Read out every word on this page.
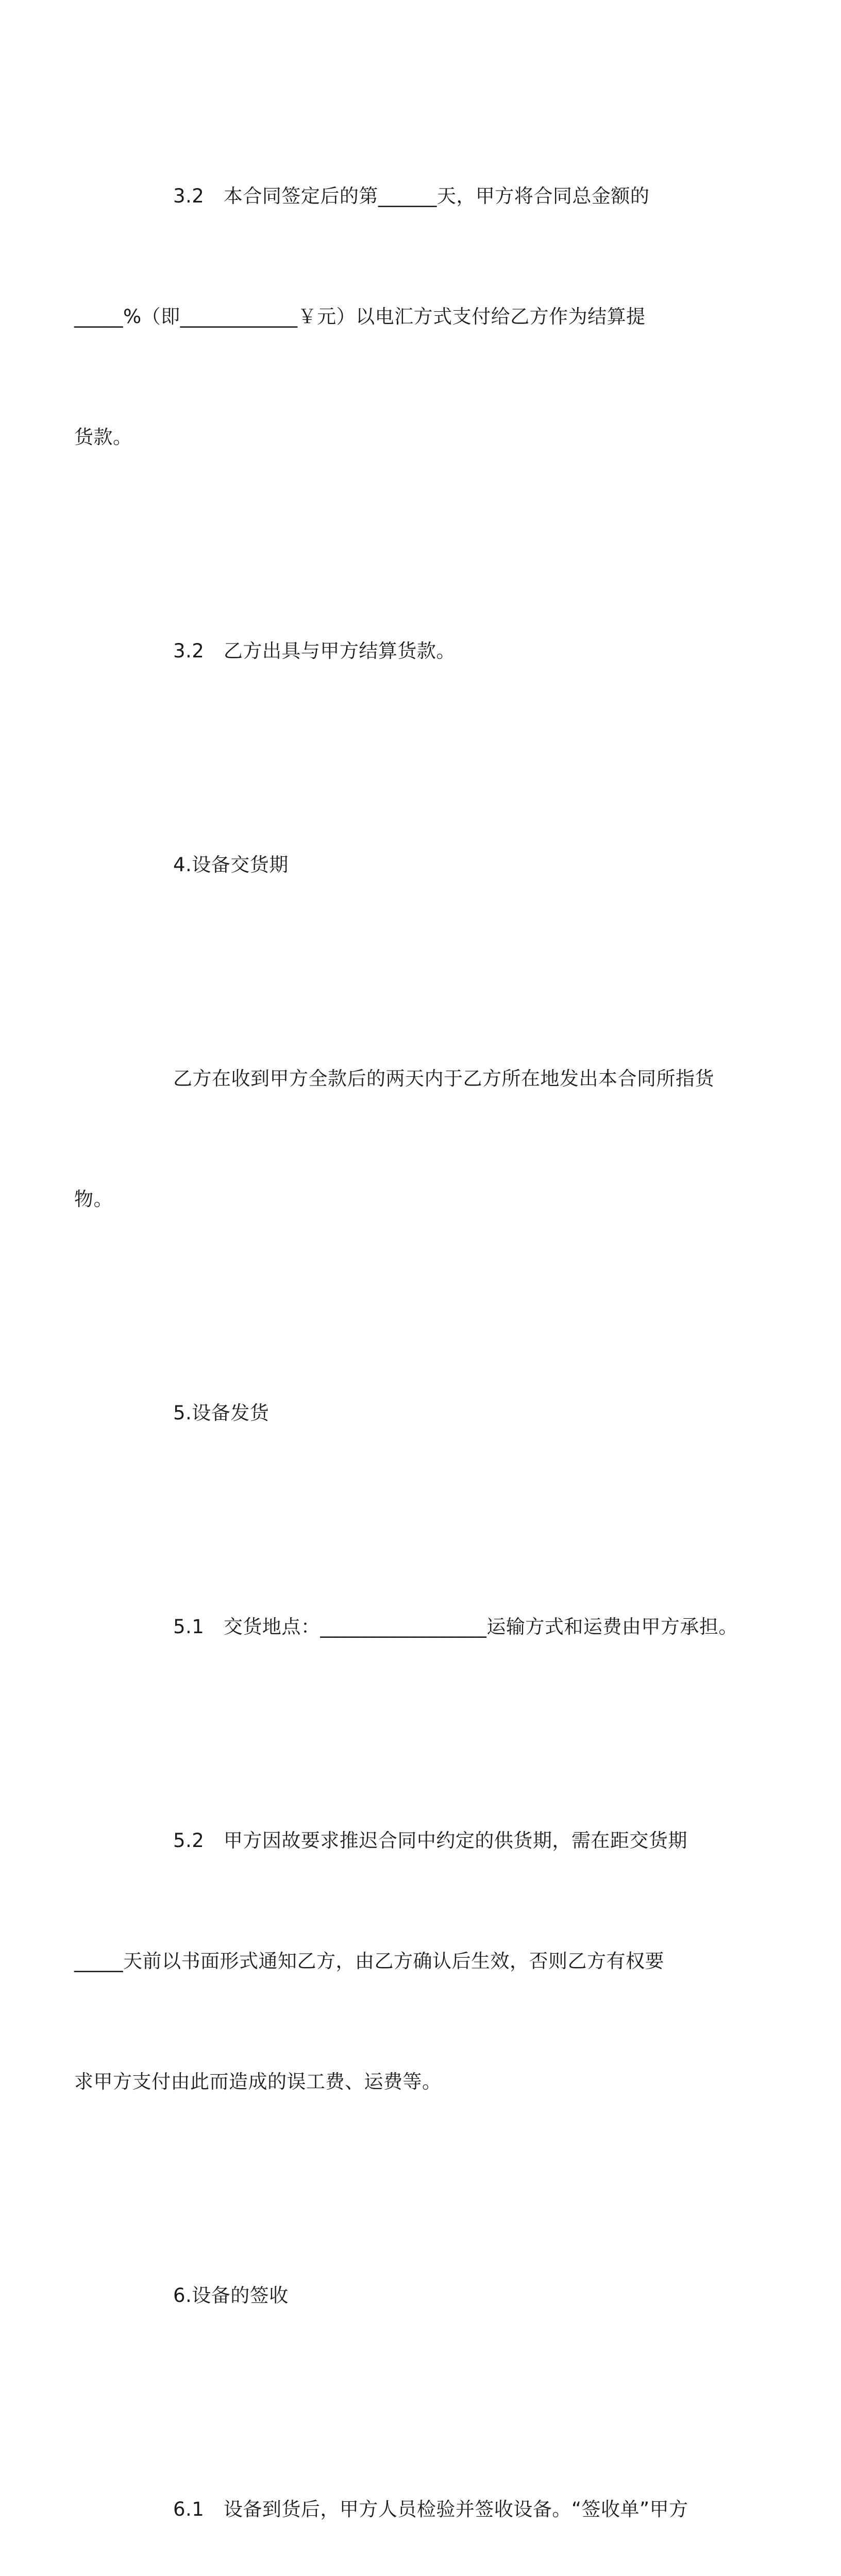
3.2　本合同签定后的第______天，甲方将合同总金额的

_____%（即____________￥元）以电汇方式支付给乙方作为结算提

货款。

3.2　乙方出具与甲方结算货款。

4.设备交货期

乙方在收到甲方全款后的两天内于乙方所在地发出本合同所指货

物。

5.设备发货

5.1　交货地点：_________________运输方式和运费由甲方承担。

5.2　甲方因故要求推迟合同中约定的供货期，需在距交货期

_____天前以书面形式通知乙方，由乙方确认后生效，否则乙方有权要

求甲方支付由此而造成的误工费、运费等。

6.设备的签收

6.1　设备到货后，甲方人员检验并签收设备。“签收单”甲方
